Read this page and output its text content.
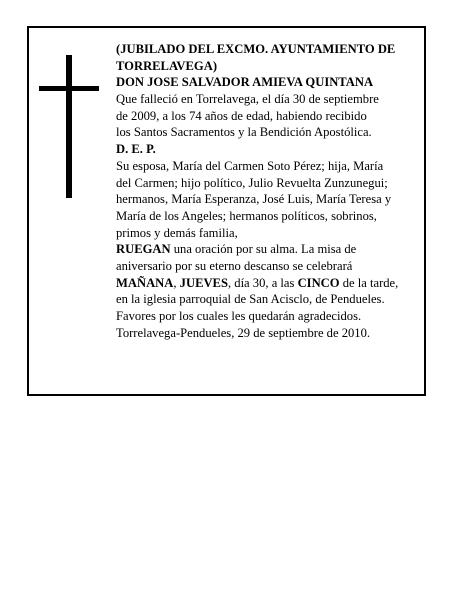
(JUBILADO DEL EXCMO. AYUNTAMIENTO DE
TORRELAVEGA)
DON JOSE SALVADOR AMIEVA QUINTANA
Que falleció en Torrelavega, el día 30 de septiembre
de 2009, a los 74 años de edad, habiendo recibido
los Santos Sacramentos y la Bendición Apostólica.
D. E. P.
Su esposa, María del Carmen Soto Pérez; hija, María
del Carmen; hijo político, Julio Revuelta Zunzunegui;
hermanos, María Esperanza, José Luis, María Teresa y
María de los Angeles; hermanos políticos, sobrinos,
primos y demás familia,
RUEGAN una oración por su alma. La misa de
aniversario por su eterno descanso se celebrará
MAÑANA, JUEVES, día 30, a las CINCO de la tarde,
en la iglesia parroquial de San Acisclo, de Pendueles.
Favores por los cuales les quedarán agradecidos.
Torrelavega-Pendueles, 29 de septiembre de 2010.
